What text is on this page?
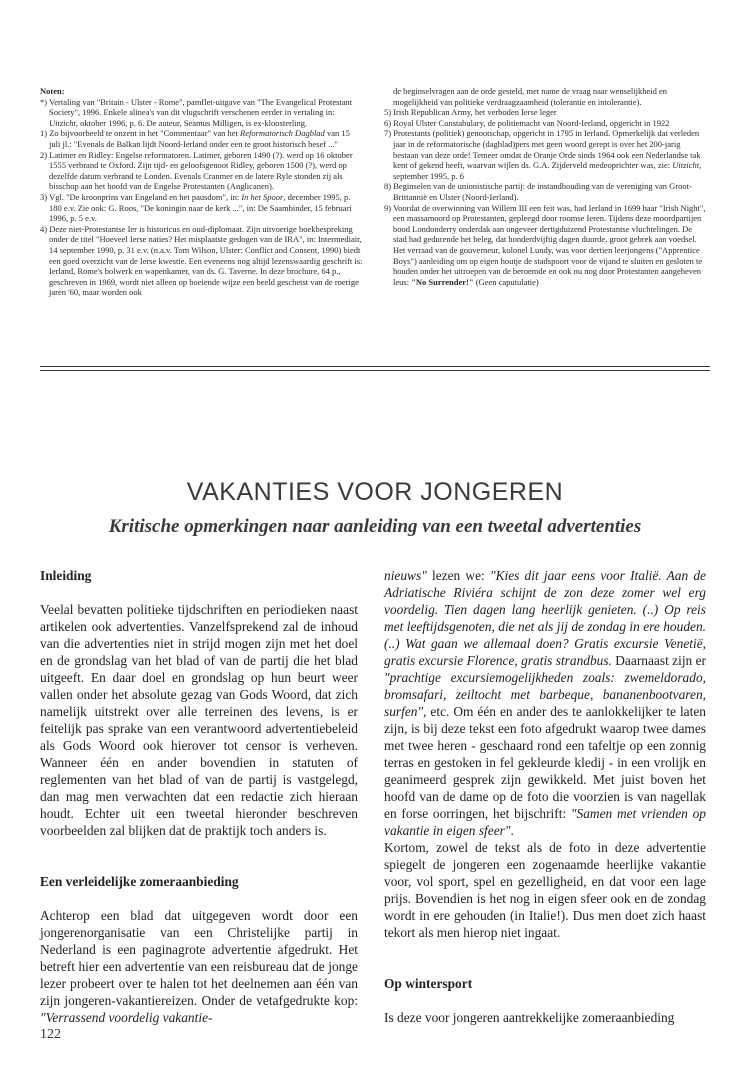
Noten:

*) Vertaling van "Britain - Ulster - Rome", pamflet-uitgave van "The Evangelical Protestant Society", 1996. Enkele alinea's van dit vlugschrift verschenen eerder in vertaling in: Uitzicht, oktober 1996, p. 6. De auteur, Seamus Milligen, is ex-kloosterling.

1) Zo bijvoorbeeld te onzent in het "Commentaar" van het Reformatorisch Dagblad van 15 juli jl.: "Evenals de Balkan lijdt Noord-Ierland onder een te groot historisch besef ..."

2) Latimer en Ridley: Engelse reformatoren. Latimer, geboren 1490 (?). werd op 16 oktober 1555 verbrand te Oxford. Zijn tijd- en geloofsgenoot Ridley, geboren 1500 (?), werd op dezelfde datum verbrand te Londen. Evenals Cranmer en de latere Ryle stonden zij als bisschop aan het hoofd van de Engelse Protestanten (Anglicanen).

3) Vgl. "De kroonprins van Engeland en het pausdom", in: In het Spoor, december 1995, p. 180 e.v. Zie ook: G. Roos, "De koningin naar de kerk ...", in: De Saambinder, 15 februari 1996, p. 5 e.v.

4) Deze niet-Protestantse Ier is historicus en oud-diplomaat. Zijn uitvoerige boekbespreking onder de titel "Hoeveel Ierse naties? Het misplaatste gedogen van de IRA", in: Intermediair, 14 september 1990, p. 31 e.v. (n.a.v. Tom Wilson, Ulster: Conflict and Consent, 1990) biedt een goed overzicht van de Ierse kwestie. Een eveneens nog altijd lezenswaardig geschrift is: Ierland, Rome's bolwerk en wapenkamer, van ds. G. Taverne. In deze brochure, 64 p., geschreven in 1969, wordt niet alleen op boeiende wijze een beeld geschetst van de roerige jaren '60, maar worden ook

de beginselvragen aan de orde gesteld, met name de vraag naar wenselijkheid en mogelijkheid van politieke verdraagzaamheid (tolerantie en intolerantie).

5) Irish Republican Army, het verboden Ierse leger

6) Royal Ulster Constabulary, de politiemacht van Noord-Ierland, opgericht in 1922

7) Protestants (politiek) genootschap, opgericht in 1795 in Ierland. Opmerkelijk dat verleden jaar in de reformatorische (dagblad)pers met geen woord gerept is over het 200-jarig bestaan van deze orde! Temeer omdat de Oranje Orde sinds 1964 ook een Nederlandse tak kent of gekend heeft, waarvan wijlen ds. G.A. Zijderveld medeoprichter was, zie: Uitzicht, september 1995, p. 6

8) Beginselen van de unionistische partij: de instandhouding van de vereniging van Groot-Brittannië en Ulster (Noord-Ierland).

9) Voordat de overwinning van Willem III een feit was, had Ierland in 1699 haar "Irish Night", een massamoord op Protestanten, gepleegd door roomse Ieren. Tijdens deze moordpartijen bood Londonderry onderdak aan ongeveer dertigduizend Protestantse vluchtelingen. De stad had gedurende het beleg, dat honderdvijftig dagen duurde, groot gebrek aan voedsel. Het verraad van de gouverneur, kolonel Lundy, was voor dertien leerjongens ("Apprentice Boys") aanleiding om op eigen houtje de stadspoort voor de vijand te sluiten en gesloten te houden onder het uitroepen van de beroemde en ook nu nog door Protestanten aangeheven leus: "No Surrender!" (Geen caputulatie)

VAKANTIES VOOR JONGEREN
Kritische opmerkingen naar aanleiding van een tweetal advertenties

Inleiding

Veelal bevatten politieke tijdschriften en periodieken naast artikelen ook advertenties. Vanzelfsprekend zal de inhoud van die advertenties niet in strijd mogen zijn met het doel en de grondslag van het blad of van de partij die het blad uitgeeft. En daar doel en grondslag op hun beurt weer vallen onder het absolute gezag van Gods Woord, dat zich namelijk uitstrekt over alle terreinen des levens, is er feitelijk pas sprake van een verantwoord advertentiebeleid als Gods Woord ook hierover tot censor is verheven. Wanneer één en ander bovendien in statuten of reglementen van het blad of van de partij is vastgelegd, dan mag men verwachten dat een redactie zich hieraan houdt. Echter uit een tweetal hieronder beschreven voorbeelden zal blijken dat de praktijk toch anders is.

Een verleidelijke zomeraanbieding

Achterop een blad dat uitgegeven wordt door een jongerenorganisatie van een Christelijke partij in Nederland is een paginagrote advertentie afgedrukt. Het betreft hier een advertentie van een reisbureau dat de jonge lezer probeert over te halen tot het deelnemen aan één van zijn jongeren-vakantiereizen. Onder de vetafgedrukte kop: "Verrassend voordelig vakantie-

nieuws" lezen we: "Kies dit jaar eens voor Italië. Aan de Adriatische Riviéra schijnt de zon deze zomer wel erg voordelig. Tien dagen lang heerlijk genieten. (..) Op reis met leeftijdsgenoten, die net als jij de zondag in ere houden. (..) Wat gaan we allemaal doen? Gratis excursie Venetië, gratis excursie Florence, gratis strandbus. Daarnaast zijn er "prachtige excursiemogelijkheden zoals: zwemeldorado, bromsafari, zeiltocht met barbeque, bananenbootvaren, surfen", etc. Om één en ander des te aanlokkelijker te laten zijn, is bij deze tekst een foto afgedrukt waarop twee dames met twee heren - geschaard rond een tafeltje op een zonnig terras en gestoken in fel gekleurde kledij - in een vrolijk en geanimeerd gesprek zijn gewikkeld. Met juist boven het hoofd van de dame op de foto die voorzien is van nagellak en forse oorringen, het bijschrift: "Samen met vrienden op vakantie in eigen sfeer".

Kortom, zowel de tekst als de foto in deze advertentie spiegelt de jongeren een zogenaamde heerlijke vakantie voor, vol sport, spel en gezelligheid, en dat voor een lage prijs. Bovendien is het nog in eigen sfeer ook en de zondag wordt in ere gehouden (in Italie!). Dus men doet zich haast tekort als men hierop niet ingaat.

Op wintersport

Is deze voor jongeren aantrekkelijke zomeraanbieding

122
